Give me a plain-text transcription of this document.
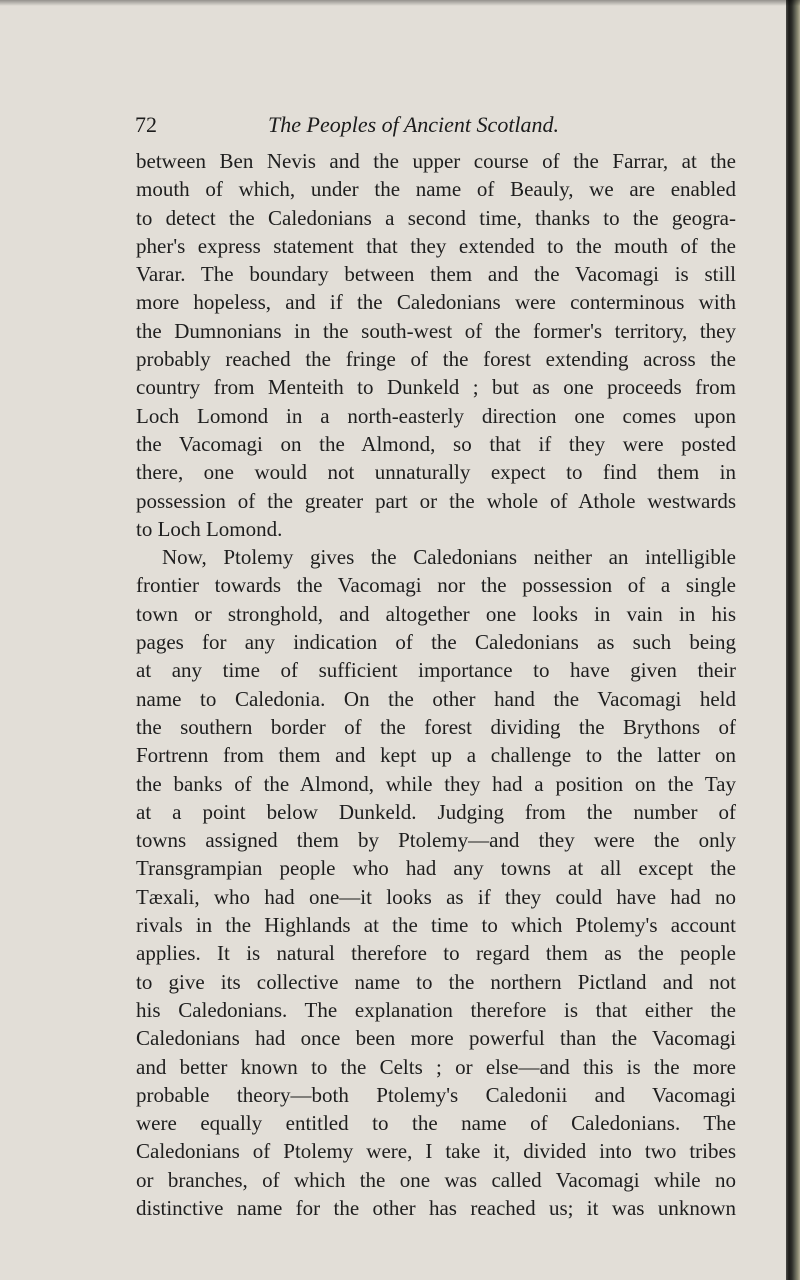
72	The Peoples of Ancient Scotland.
between Ben Nevis and the upper course of the Farrar, at the
mouth of which, under the name of Beauly, we are enabled
to detect the Caledonians a second time, thanks to the geogra-
pher's express statement that they extended to the mouth of the
Varar. The boundary between them and the Vacomagi is still
more hopeless, and if the Caledonians were conterminous with
the Dumnonians in the south-west of the former's territory, they
probably reached the fringe of the forest extending across the
country from Menteith to Dunkeld ; but as one proceeds from
Loch Lomond in a north-easterly direction one comes upon
the Vacomagi on the Almond, so that if they were posted
there, one would not unnaturally expect to find them in
possession of the greater part or the whole of Athole westwards
to Loch Lomond.
Now, Ptolemy gives the Caledonians neither an intelligible
frontier towards the Vacomagi nor the possession of a single
town or stronghold, and altogether one looks in vain in his
pages for any indication of the Caledonians as such being
at any time of sufficient importance to have given their
name to Caledonia. On the other hand the Vacomagi held
the southern border of the forest dividing the Brythons of
Fortrenn from them and kept up a challenge to the latter on
the banks of the Almond, while they had a position on the Tay
at a point below Dunkeld. Judging from the number of
towns assigned them by Ptolemy—and they were the only
Transgrampian people who had any towns at all except the
Tæxali, who had one—it looks as if they could have had no
rivals in the Highlands at the time to which Ptolemy's account
applies. It is natural therefore to regard them as the people
to give its collective name to the northern Pictland and not
his Caledonians. The explanation therefore is that either the
Caledonians had once been more powerful than the Vacomagi
and better known to the Celts ; or else—and this is the more
probable theory—both Ptolemy's Caledonii and Vacomagi
were equally entitled to the name of Caledonians. The
Caledonians of Ptolemy were, I take it, divided into two tribes
or branches, of which the one was called Vacomagi while no
distinctive name for the other has reached us; it was unknown
